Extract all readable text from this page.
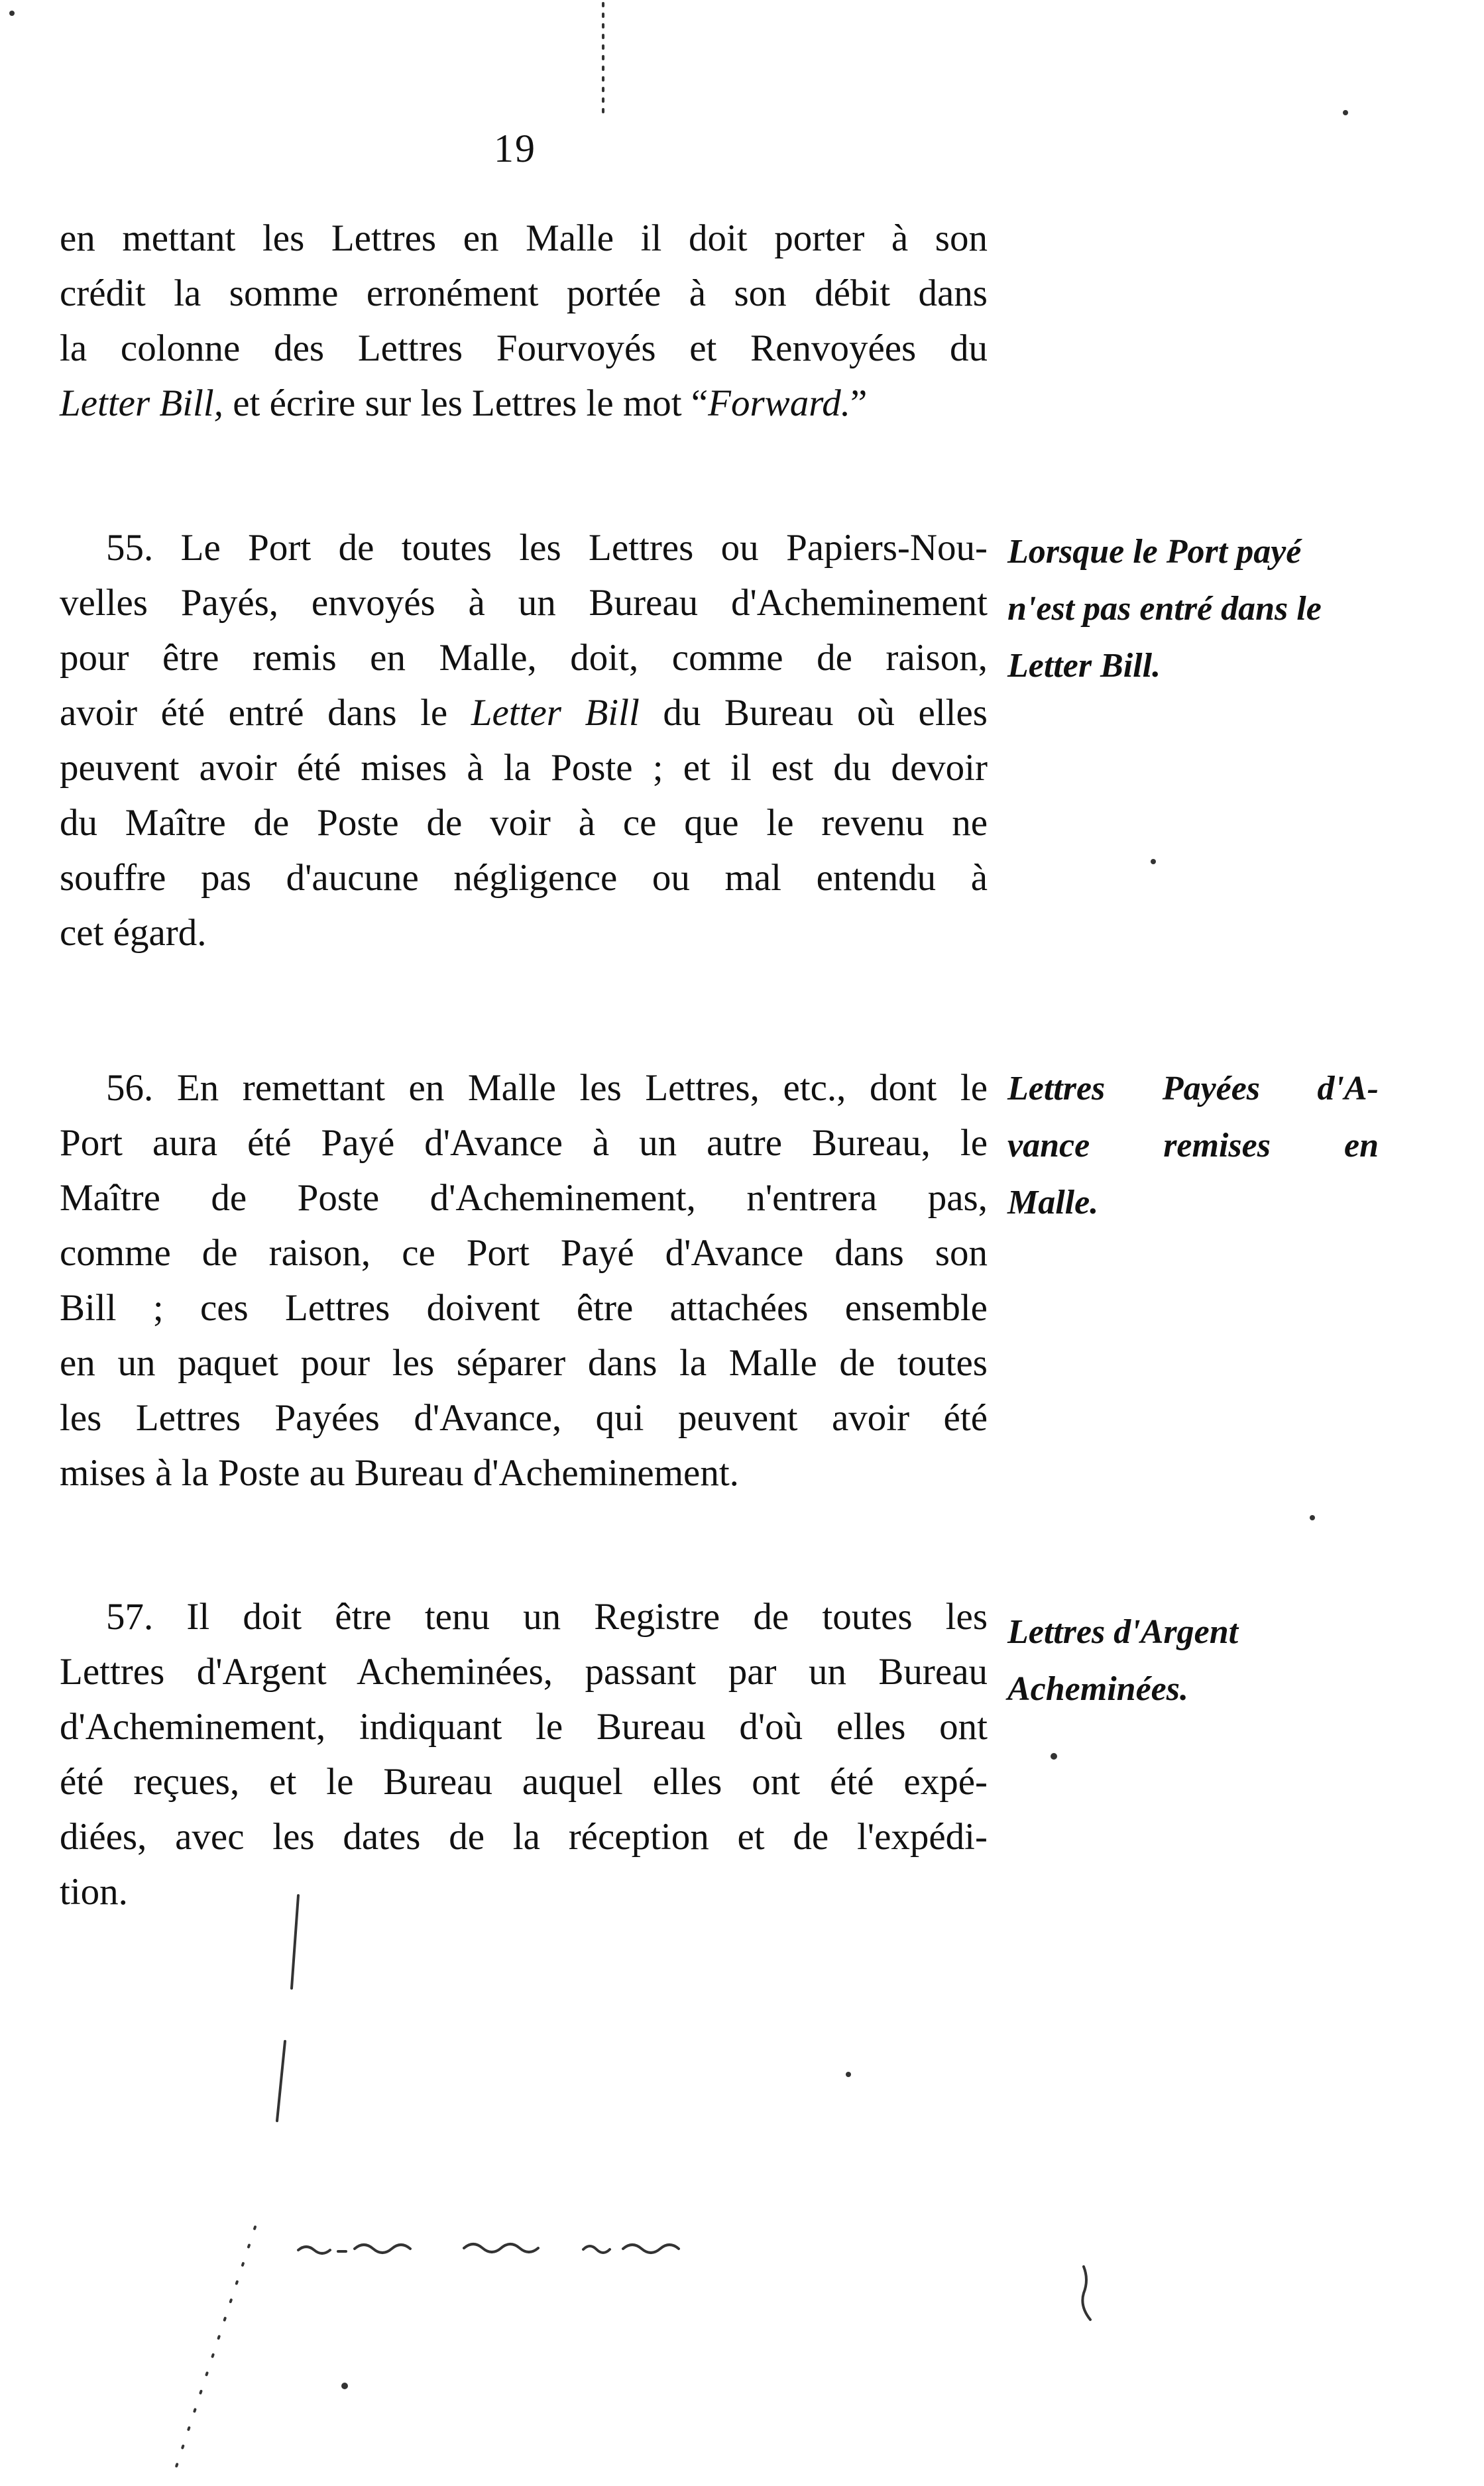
19
en mettant les Lettres en Malle il doit porter à son
crédit la somme erronément portée à son débit dans
la colonne des Lettres Fourvoyés et Renvoyées du
Letter Bill, et écrire sur les Lettres le mot “Forward.”
55. Le Port de toutes les Lettres ou Papiers-Nou-
velles Payés, envoyés à un Bureau d'Acheminement
pour être remis en Malle, doit, comme de raison,
avoir été entré dans le Letter Bill du Bureau où elles
peuvent avoir été mises à la Poste ; et il est du devoir
du Maître de Poste de voir à ce que le revenu ne
souffre pas d'aucune négligence ou mal entendu à
cet égard.
Lorsque le Port payé
n'est pas entré dans le
Letter Bill.
56. En remettant en Malle les Lettres, etc., dont le
Port aura été Payé d'Avance à un autre Bureau, le
Maître de Poste d'Acheminement, n'entrera pas,
comme de raison, ce Port Payé d'Avance dans son
Bill ; ces Lettres doivent être attachées ensemble
en un paquet pour les séparer dans la Malle de toutes
les Lettres Payées d'Avance, qui peuvent avoir été
mises à la Poste au Bureau d'Acheminement.
Lettres Payées d'A-
vance remises en
Malle.
57. Il doit être tenu un Registre de toutes les
Lettres d'Argent Acheminées, passant par un Bureau
d'Acheminement, indiquant le Bureau d'où elles ont
été reçues, et le Bureau auquel elles ont été expé-
diées, avec les dates de la réception et de l'expédi-
tion.
Lettres d'Argent
Acheminées.
